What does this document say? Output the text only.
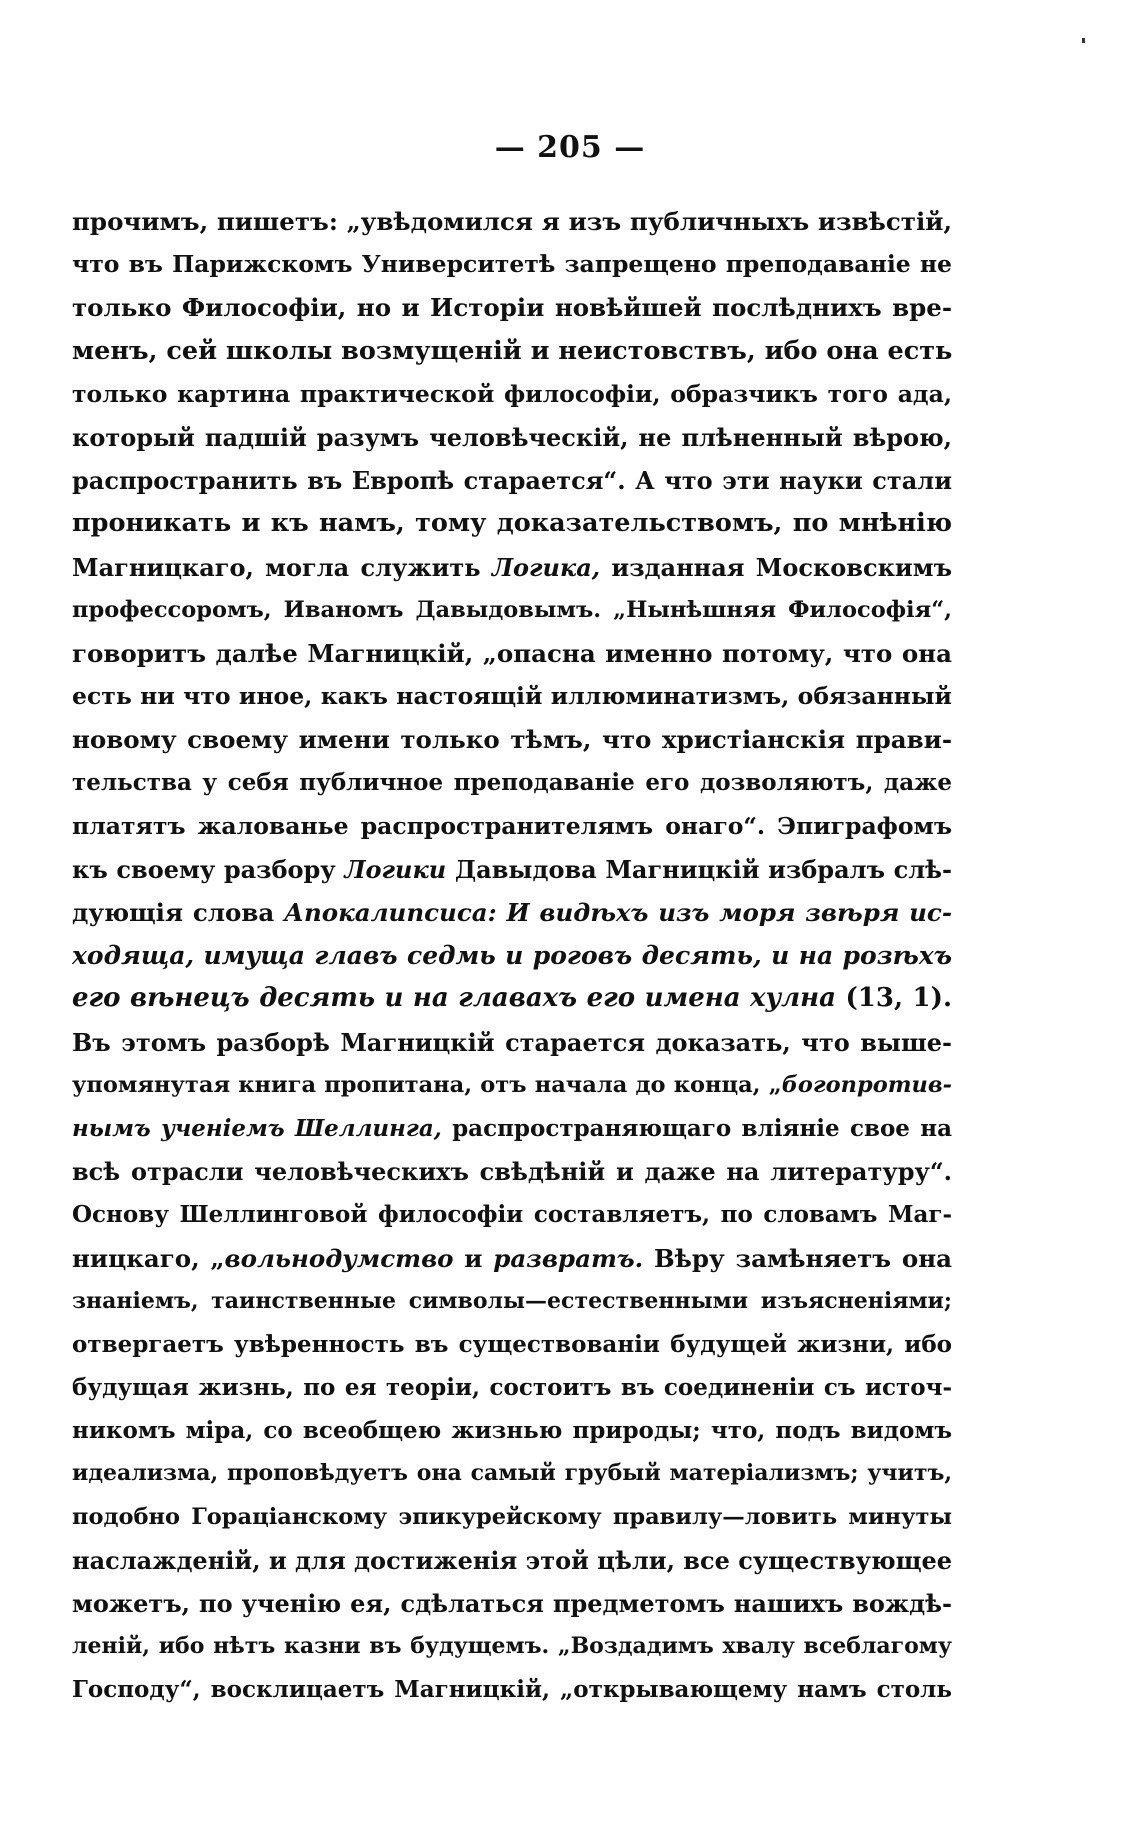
— 205 —
прочимъ, пишетъ: „увѣдомился я изъ публичныхъ извѣстій,
что въ Парижскомъ Университетѣ запрещено преподаваніе не
только Философіи, но и Исторіи новѣйшей послѣднихъ вре-
менъ, сей школы возмущеній и неистовствъ, ибо она есть
только картина практической философіи, образчикъ того ада,
который падшій разумъ человѣческій, не плѣненный вѣрою,
распространить въ Европѣ старается“. А что эти науки стали
проникать и къ намъ, тому доказательствомъ, по мнѣнію
Магницкаго, могла служить Логика, изданная Московскимъ
профессоромъ, Иваномъ Давыдовымъ. „Нынѣшняя Философія“,
говоритъ далѣе Магницкій, „опасна именно потому, что она
есть ни что иное, какъ настоящій иллюминатизмъ, обязанный
новому своему имени только тѣмъ, что христіанскія прави-
тельства у себя публичное преподаваніе его дозволяютъ, даже
платятъ жалованье распространителямъ онаго“. Эпиграфомъ
къ своему разбору Логики Давыдова Магницкій избралъ слѣ-
дующія слова Апокалипсиса: И видѣхъ изъ моря звѣря ис-
ходяща, имуща главъ седмь и роговъ десять, и на розѣхъ
его вѣнецъ десять и на главахъ его имена хулна (13, 1).
Въ этомъ разборѣ Магницкій старается доказать, что выше-
упомянутая книга пропитана, отъ начала до конца, „богопротив-
нымъ ученіемъ Шеллинга, распространяющаго вліяніе свое на
всѣ отрасли человѣческихъ свѣдѣній и даже на литературу“.
Основу Шеллинговой философіи составляетъ, по словамъ Маг-
ницкаго, „вольнодумство и развратъ. Вѣру замѣняетъ она
знаніемъ, таинственные символы—естественными изъясненіями;
отвергаетъ увѣренность въ существованіи будущей жизни, ибо
будущая жизнь, по ея теоріи, состоитъ въ соединеніи съ источ-
никомъ міра, со всеобщею жизнью природы; что, подъ видомъ
идеализма, проповѣдуетъ она самый грубый матеріализмъ; учитъ,
подобно Гораціанскому эпикурейскому правилу—ловить минуты
наслажденій, и для достиженія этой цѣли, все существующее
можетъ, по ученію ея, сдѣлаться предметомъ нашихъ вождѣ-
леній, ибо нѣтъ казни въ будущемъ. „Воздадимъ хвалу всеблагому
Господу“, восклицаетъ Магницкій, „открывающему намъ столь
